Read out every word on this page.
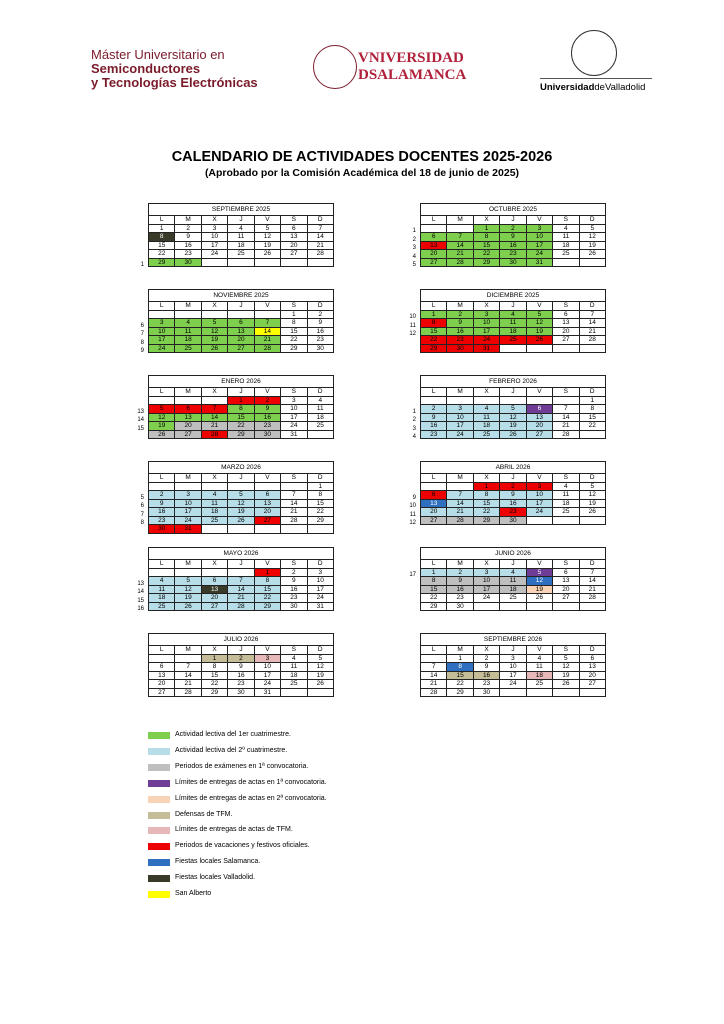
Máster Universitario en
Semiconductores
y Tecnologías Electrónicas
VNIVERSIDAD
DSALAMANCA
UniversidaddeValladolid
CALENDARIO DE ACTIVIDADES DOCENTES 2025-2026
(Aprobado por la Comisión Académica del 18 de junio de 2025)
1
SEPTIEMBRE 2025						
L	M	X	J	V	S	D
1	2	3	4	5	6	7
8	9	10	11	12	13	14
15	16	17	18	19	20	21
22	23	24	25	26	27	28
29	30					
1
2
3
4
5
OCTUBRE 2025						
L	M	X	J	V	S	D
		1	2	3	4	5
6	7	8	9	10	11	12
13	14	15	16	17	18	19
20	21	22	23	24	25	26
27	28	29	30	31		
6
7
8
9
NOVIEMBRE 2025						
L	M	X	J	V	S	D
					1	2
3	4	5	6	7	8	9
10	11	12	13	14	15	16
17	18	19	20	21	22	23
24	25	26	27	28	29	30
10
11
12
DICIEMBRE 2025						
L	M	X	J	V	S	D
1	2	3	4	5	6	7
8	9	10	11	12	13	14
15	16	17	18	19	20	21
22	23	24	25	26	27	28
29	30	31				
13
14
15
ENERO 2026						
L	M	X	J	V	S	D
			1	2	3	4
5	6	7	8	9	10	11
12	13	14	15	16	17	18
19	20	21	22	23	24	25
26	27	28	29	30	31	
1
2
3
4
FEBRERO 2026						
L	M	X	J	V	S	D
						1
2	3	4	5	6	7	8
9	10	11	12	13	14	15
16	17	18	19	20	21	22
23	24	25	26	27	28	
5
6
7
8
MARZO 2026						
L	M	X	J	V	S	D
						1
2	3	4	5	6	7	8
9	10	11	12	13	14	15
16	17	18	19	20	21	22
23	24	25	26	27	28	29
30	31					
9
10
11
12
ABRIL 2026						
L	M	X	J	V	S	D
		1	2	3	4	5
6	7	8	9	10	11	12
13	14	15	16	17	18	19
20	21	22	23	24	25	26
27	28	29	30			
13
14
15
16
MAYO 2026						
L	M	X	J	V	S	D
				1	2	3
4	5	6	7	8	9	10
11	12	13	14	15	16	17
18	19	20	21	22	23	24
25	26	27	28	29	30	31
17
JUNIO 2026						
L	M	X	J	V	S	D
1	2	3	4	5	6	7
8	9	10	11	12	13	14
15	16	17	18	19	20	21
22	23	24	25	26	27	28
29	30					
JULIO 2026						
L	M	X	J	V	S	D
		1	2	3	4	5
6	7	8	9	10	11	12
13	14	15	16	17	18	19
20	21	22	23	24	25	26
27	28	29	30	31		
SEPTIEMBRE 2026						
L	M	X	J	V	S	D
	1	2	3	4	5	6
7	8	9	10	11	12	13
14	15	16	17	18	19	20
21	22	23	24	25	26	27
28	29	30				
Actividad lectiva del 1er cuatrimestre.
Actividad lectiva del 2º cuatrimestre.
Periodos de exámenes en 1ª convocatoria.
Límites de entregas de actas en 1ª convocatoria.
Límites de entregas de actas en 2ª convocatoria.
Defensas de TFM.
Límites de entregas de actas de TFM.
Periodos de vacaciones y festivos oficiales.
Fiestas locales Salamanca.
Fiestas locales Valladolid.
San Alberto
